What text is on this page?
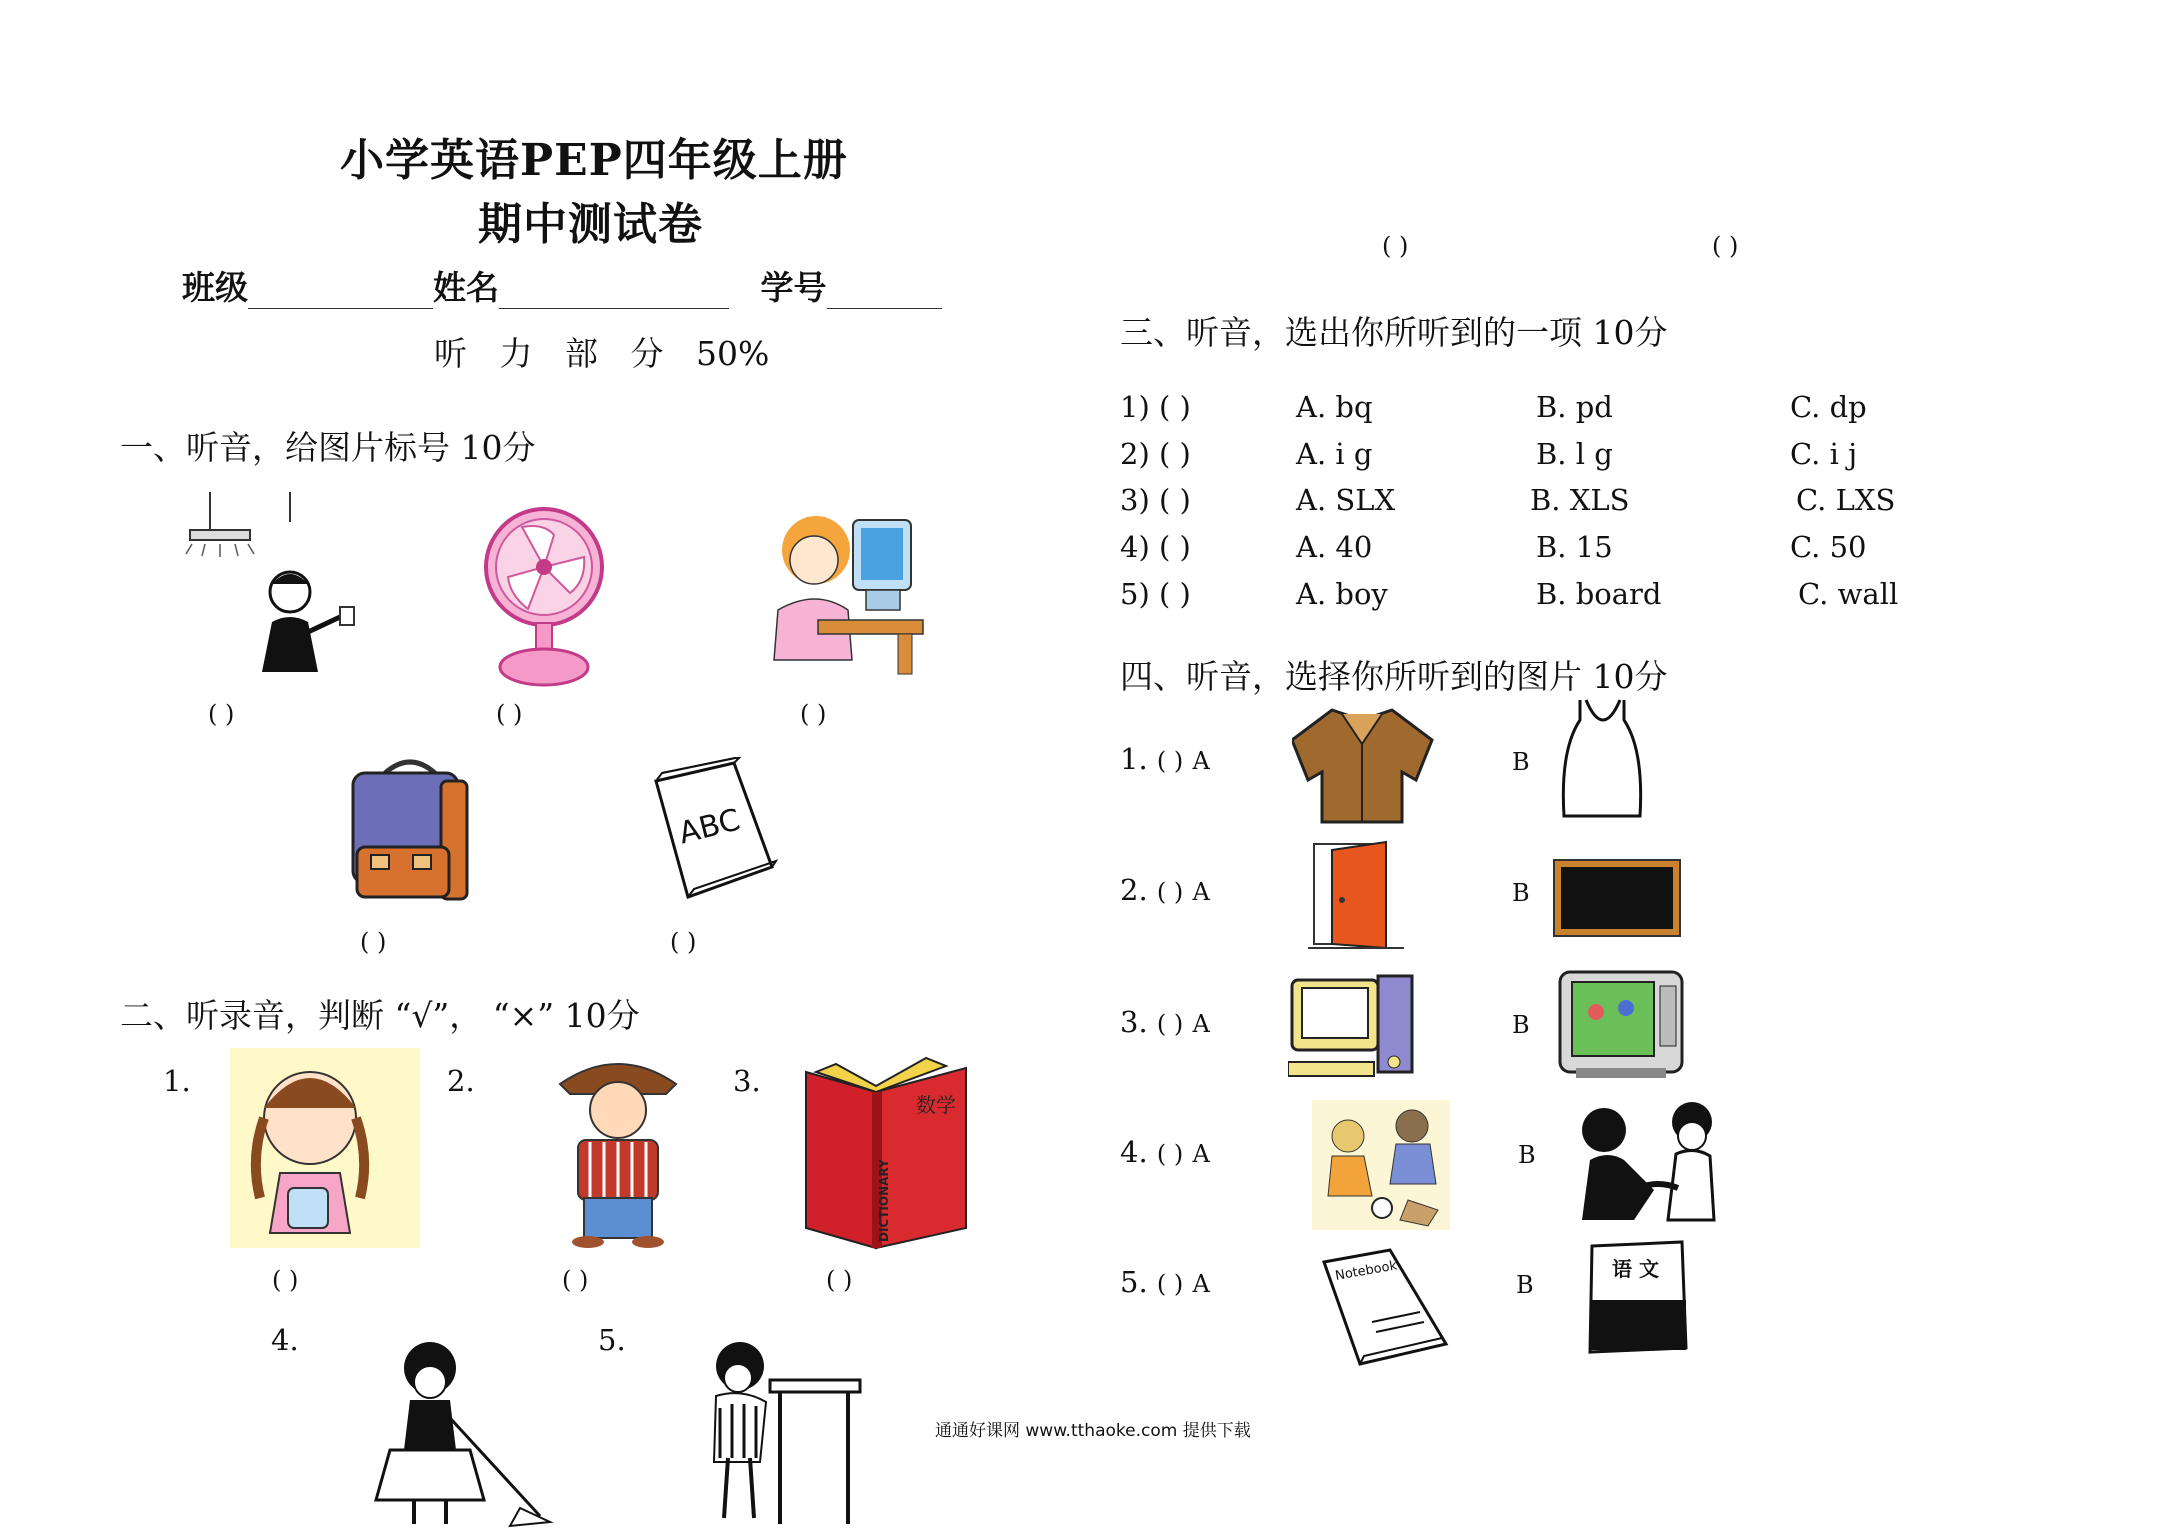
小学英语PEP四年级上册
期中测试卷
班级	姓名	学号
听 力 部 分 50%
一、听音，给图片标号 10分
( )	( )	( )
( )
ABC
( )
二、听录音，判断 “√”， “×” 10分
1.
( )
2.
( )
3.
数学
DICTIONARY
( )
4.	5.
通通好课网 www.tthaoke.com 提供下载
( )	( )
三、听音，选出你所听到的一项 10分
1) ( )	A. bq	B. pd	C. dp
2) ( )	A. i g	B. l g	C. i j
3) ( )	A. SLX	B. XLS	C. LXS
4) ( )	A. 40	B. 15	C. 50
5) ( )	A. boy	B. board	C. wall
四、听音，选择你所听到的图片 10分
1. ( ) A	B
2. ( ) A	B
3. ( ) A	B
4. ( ) A	B
5. ( ) A	B
Notebook	语 文
